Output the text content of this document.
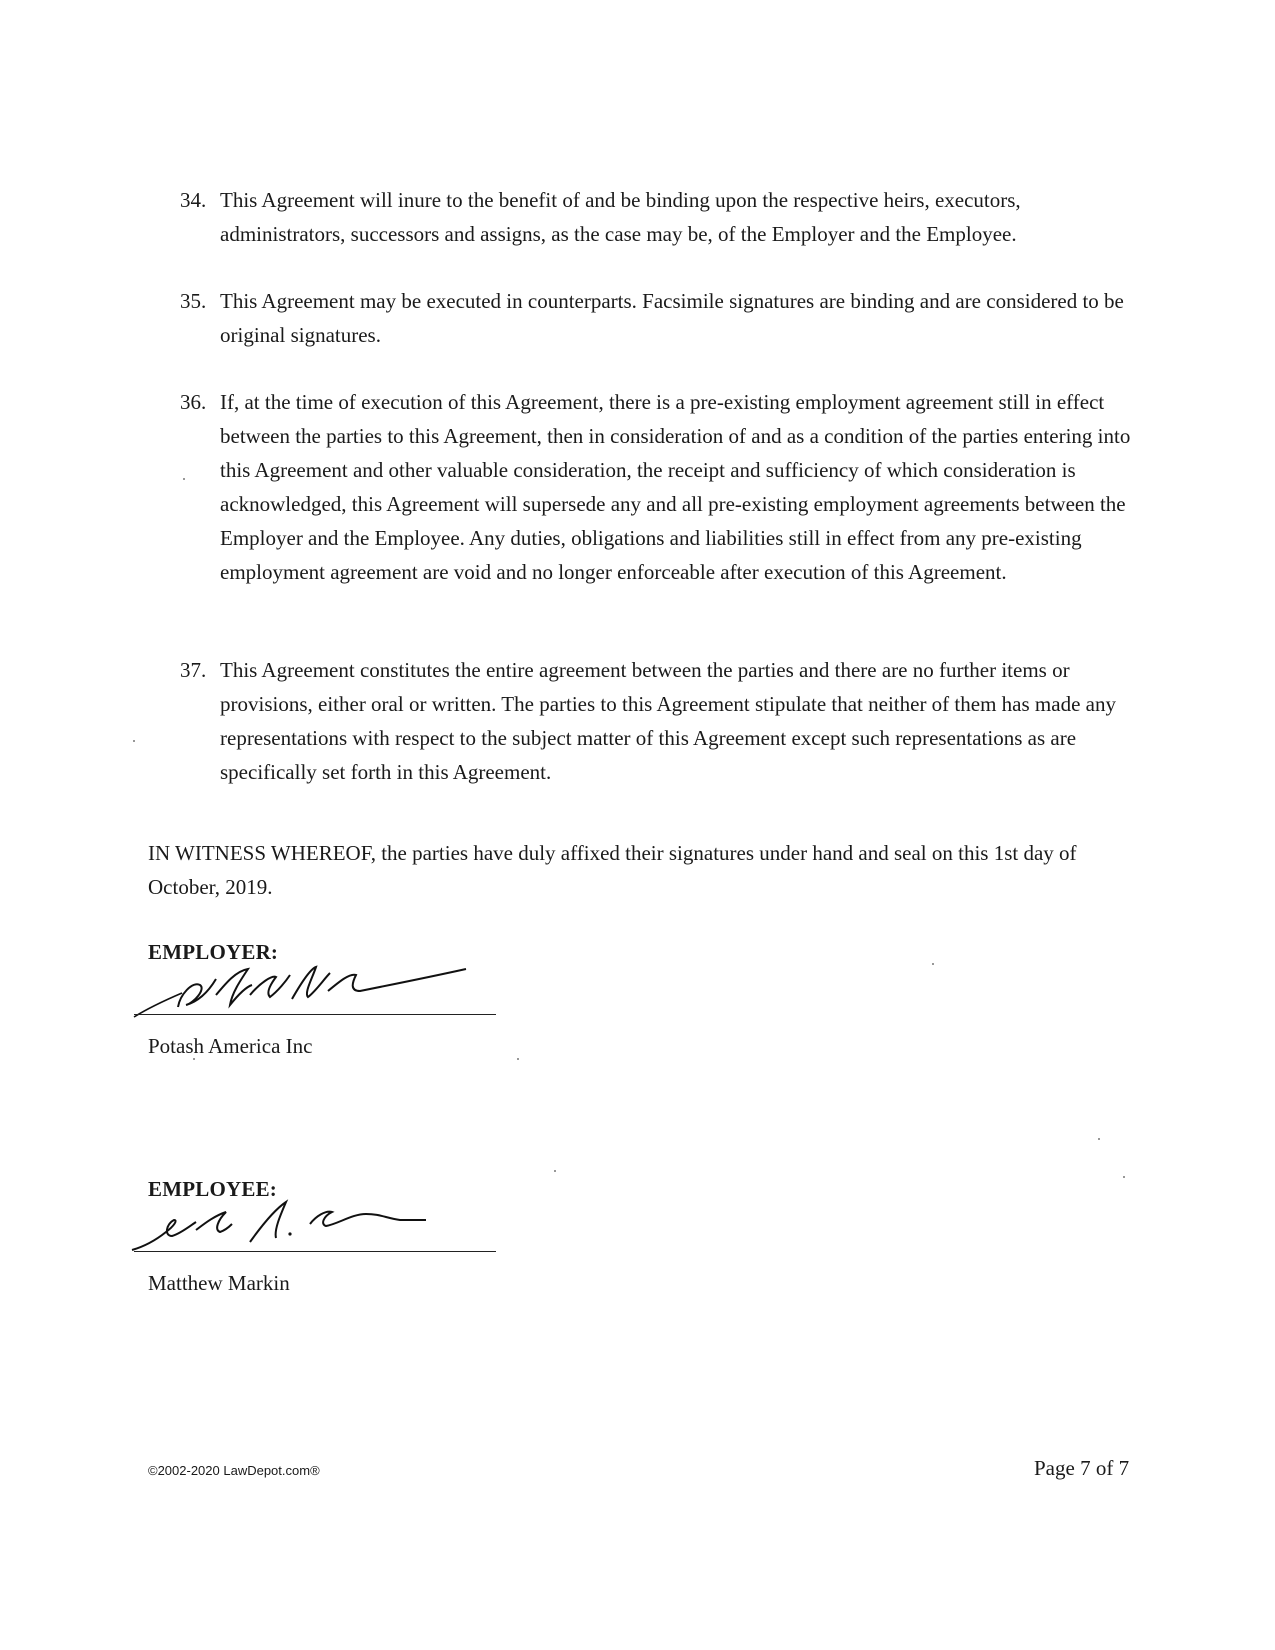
34. This Agreement will inure to the benefit of and be binding upon the respective heirs, executors, administrators, successors and assigns, as the case may be, of the Employer and the Employee.
35. This Agreement may be executed in counterparts. Facsimile signatures are binding and are considered to be original signatures.
36. If, at the time of execution of this Agreement, there is a pre-existing employment agreement still in effect between the parties to this Agreement, then in consideration of and as a condition of the parties entering into this Agreement and other valuable consideration, the receipt and sufficiency of which consideration is acknowledged, this Agreement will supersede any and all pre-existing employment agreements between the Employer and the Employee. Any duties, obligations and liabilities still in effect from any pre-existing employment agreement are void and no longer enforceable after execution of this Agreement.
37. This Agreement constitutes the entire agreement between the parties and there are no further items or provisions, either oral or written. The parties to this Agreement stipulate that neither of them has made any representations with respect to the subject matter of this Agreement except such representations as are specifically set forth in this Agreement.
IN WITNESS WHEREOF, the parties have duly affixed their signatures under hand and seal on this 1st day of October, 2019.
EMPLOYER:
Potash America Inc
EMPLOYEE:
Matthew Markin
©2002-2020 LawDepot.com®	Page 7 of 7
